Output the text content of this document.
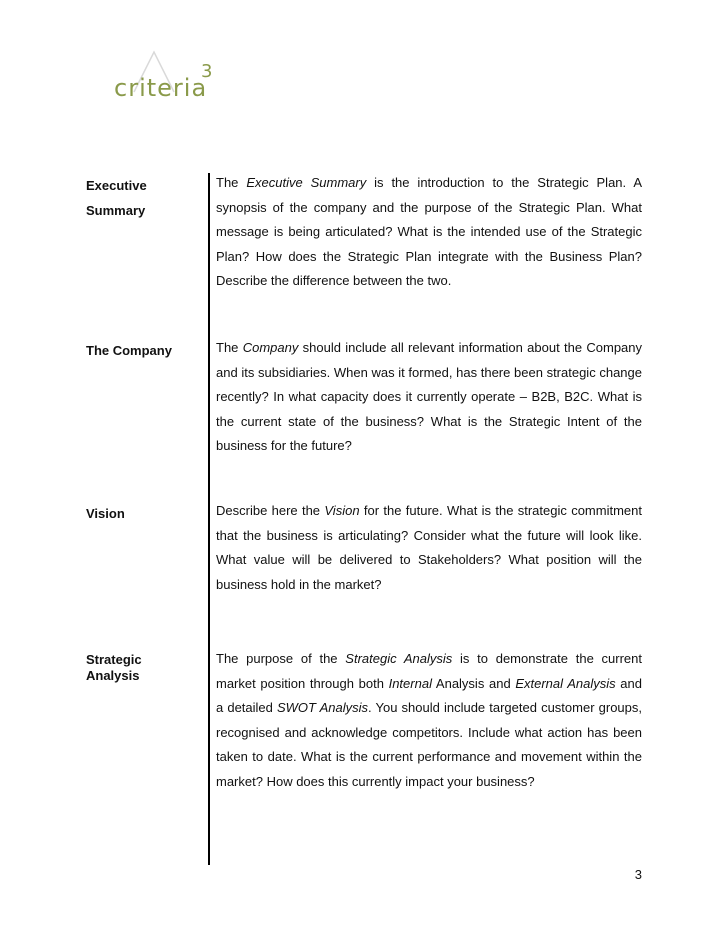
criteria
3
Executive
Summary
The Executive Summary is the introduction to the Strategic Plan. A synopsis of the company and the purpose of the Strategic Plan. What message is being articulated? What is the intended use of the Strategic Plan? How does the Strategic Plan integrate with the Business Plan? Describe the difference between the two.
The Company	The Company should include all relevant information about the Company and its subsidiaries. When was it formed, has there been strategic change recently? In what capacity does it currently operate – B2B, B2C. What is the current state of the business? What is the Strategic Intent of the business for the future?
Vision	Describe here the Vision for the future. What is the strategic commitment that the business is articulating? Consider what the future will look like. What value will be delivered to Stakeholders? What position will the business hold in the market?
Strategic
Analysis
The purpose of the Strategic Analysis is to demonstrate the current market position through both Internal Analysis and External Analysis and a detailed SWOT Analysis. You should include targeted customer groups, recognised and acknowledge competitors. Include what action has been taken to date. What is the current performance and movement within the market? How does this currently impact your business?
3
